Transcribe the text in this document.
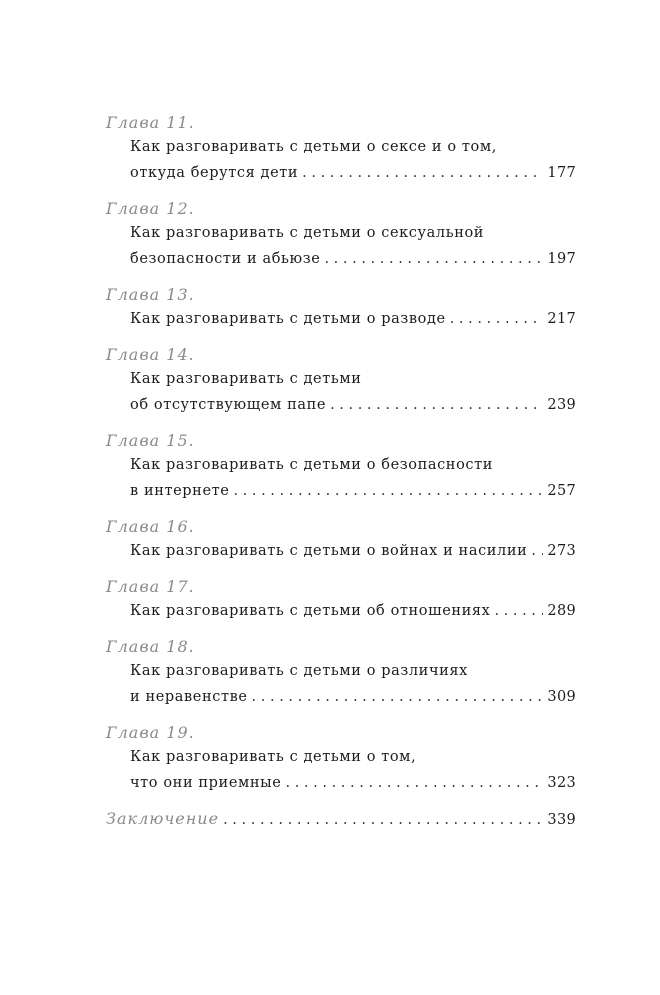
Глава 11.
Как разговаривать с детьми о сексе и о том,
откуда берутся дети . . .	177
Глава 12.
Как разговаривать с детьми о сексуальной
безопасности и абьюзе . . .	197
Глава 13.
Как разговаривать с детьми о разводе . . .	217
Глава 14.
Как разговаривать с детьми
об отсутствующем папе . . .	239
Глава 15.
Как разговаривать с детьми о безопасности
в интернете . . .	257
Глава 16.
Как разговаривать с детьми о войнах и насилии . . . 273
Глава 17.
Как разговаривать с детьми об отношениях . . .	289
Глава 18.
Как разговаривать с детьми о различиях
и неравенстве . . .	309
Глава 19.
Как разговаривать с детьми о том,
что они приемные . . .	323
Заключение . . .	339
